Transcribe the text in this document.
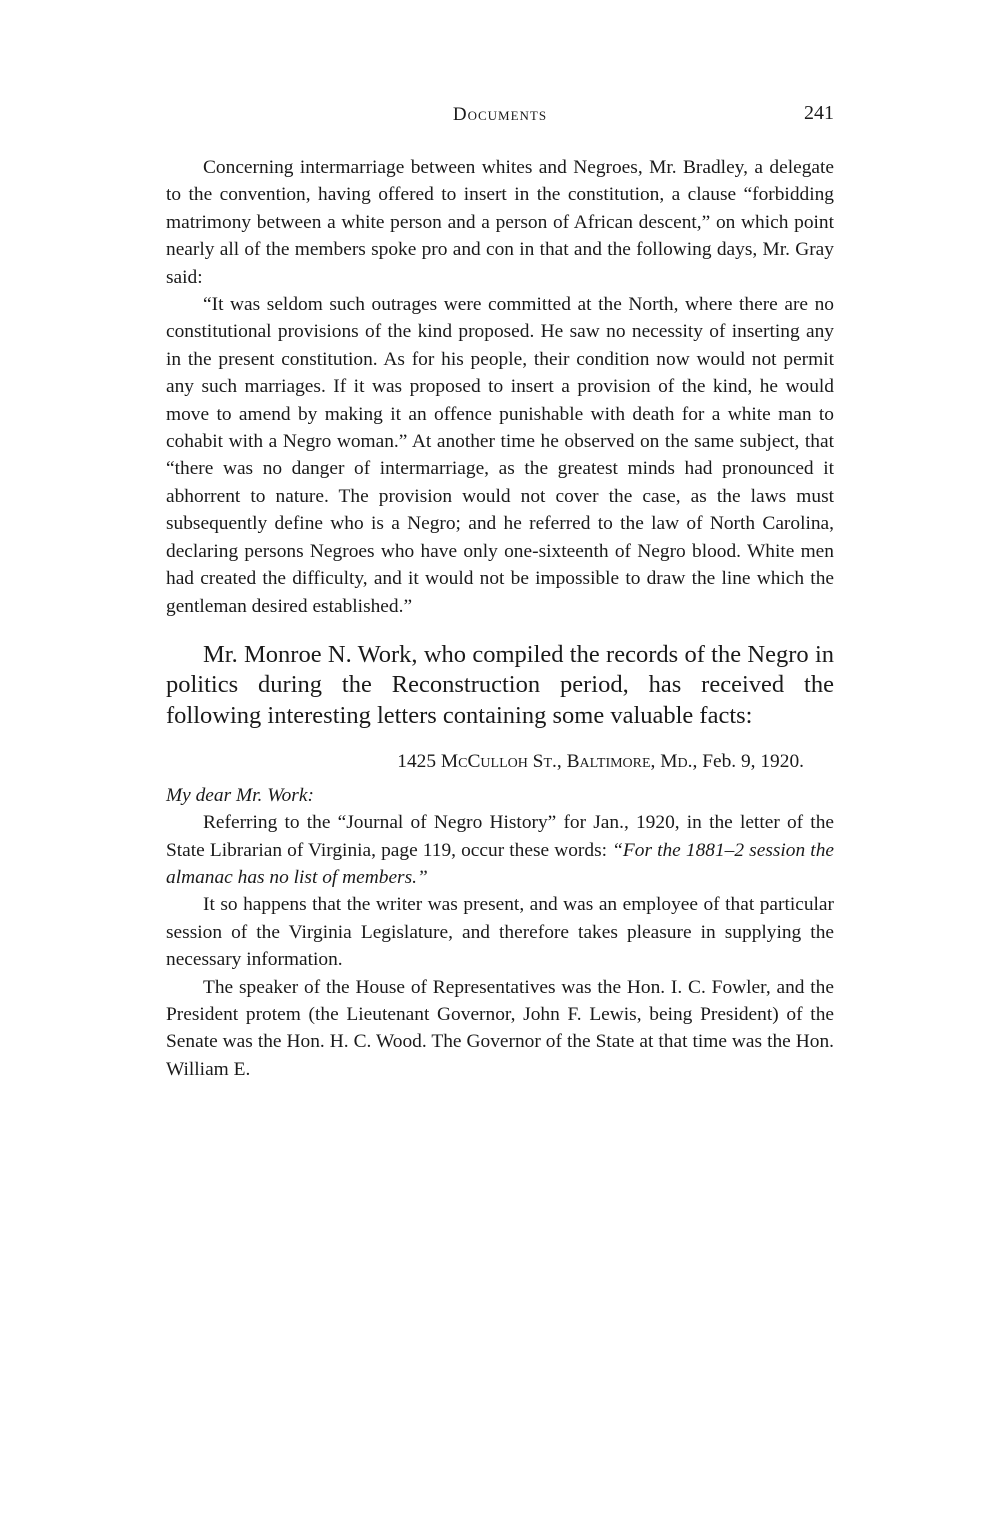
Documents	241

Concerning intermarriage between whites and Negroes, Mr. Bradley, a delegate to the convention, having offered to insert in the constitution, a clause “forbidding matrimony between a white person and a person of African descent,” on which point nearly all of the members spoke pro and con in that and the following days, Mr. Gray said:

“It was seldom such outrages were committed at the North, where there are no constitutional provisions of the kind proposed. He saw no necessity of inserting any in the present constitution. As for his people, their condition now would not permit any such marriages. If it was proposed to insert a provision of the kind, he would move to amend by making it an offence punishable with death for a white man to cohabit with a Negro woman.” At another time he observed on the same subject, that “there was no danger of intermarriage, as the greatest minds had pronounced it abhorrent to nature. The provision would not cover the case, as the laws must subsequently define who is a Negro; and he referred to the law of North Carolina, declaring persons Negroes who have only one-sixteenth of Negro blood. White men had created the difficulty, and it would not be impossible to draw the line which the gentleman desired established.”

Mr. Monroe N. Work, who compiled the records of the Negro in politics during the Reconstruction period, has received the following interesting letters containing some valuable facts:

1425 McCulloh St., Baltimore, Md., Feb. 9, 1920.

My dear Mr. Work:

Referring to the “Journal of Negro History” for Jan., 1920, in the letter of the State Librarian of Virginia, page 119, occur these words: “For the 1881–2 session the almanac has no list of members.”

It so happens that the writer was present, and was an employee of that particular session of the Virginia Legislature, and therefore takes pleasure in supplying the necessary information.

The speaker of the House of Representatives was the Hon. I. C. Fowler, and the President protem (the Lieutenant Governor, John F. Lewis, being President) of the Senate was the Hon. H. C. Wood. The Governor of the State at that time was the Hon. William E.
